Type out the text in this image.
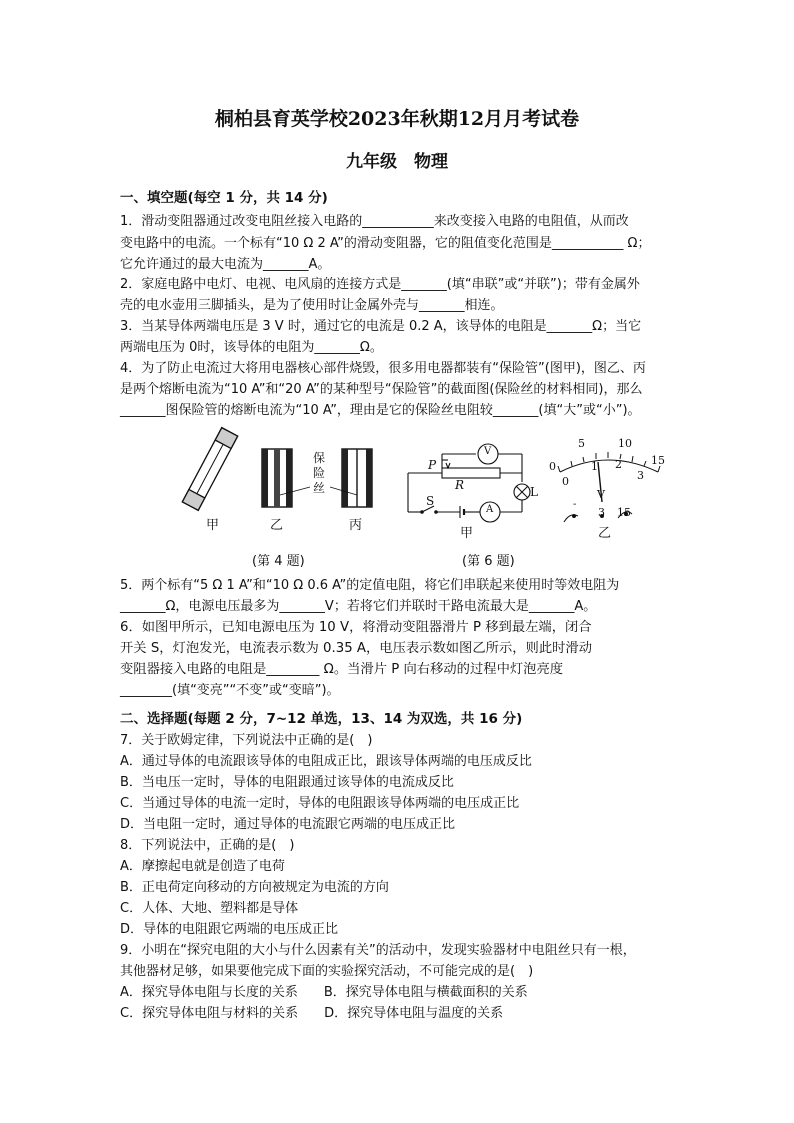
桐柏县育英学校2023年秋期12月月考试卷
九年级　物理
一、填空题(每空 1 分，共 14 分)
1．滑动变阻器通过改变电阻丝接入电路的___________来改变接入电路的电阻值，从而改
变电路中的电流。一个标有“10 Ω 2 A”的滑动变阻器，它的阻值变化范围是___________ Ω；
它允许通过的最大电流为_______A。
2．家庭电路中电灯、电视、电风扇的连接方式是_______(填“串联”或“并联”)；带有金属外
壳的电水壶用三脚插头，是为了使用时让金属外壳与_______相连。
3．当某导体两端电压是 3 V 时，通过它的电流是 0.2 A，该导体的电阻是_______Ω；当它
两端电压为 0时，该导体的电阻为_______Ω。
4．为了防止电流过大将用电器核心部件烧毁，很多用电器都装有“保险管”(图甲)，图乙、丙
是两个熔断电流为“10 A”和“20 A”的某种型号“保险管”的截面图(保险丝的材料相同)，那么
_______图保险管的熔断电流为“10 A”，理由是它的保险丝电阻较_______(填“大”或“小”)。
保险丝
甲	乙	丙
(第 4 题)
P
R
V
L
S
A
甲
5	10
15
0
0
1 2
3
V
-
3 15
乙
(第 6 题)
5．两个标有“5 Ω 1 A”和“10 Ω 0.6 A”的定值电阻，将它们串联起来使用时等效电阻为
_______Ω，电源电压最多为_______V；若将它们并联时干路电流最大是_______A。
6．如图甲所示，已知电源电压为 10 V，将滑动变阻器滑片 P 移到最左端，闭合
开关 S，灯泡发光，电流表示数为 0.35 A，电压表示数如图乙所示，则此时滑动
变阻器接入电路的电阻是________ Ω。当滑片 P 向右移动的过程中灯泡亮度
________(填“变亮”“不变”或“变暗”)。
二、选择题(每题 2 分，7~12 单选，13、14 为双选，共 16 分)
7．关于欧姆定律，下列说法中正确的是(　)
A．通过导体的电流跟该导体的电阻成正比，跟该导体两端的电压成反比
B．当电压一定时，导体的电阻跟通过该导体的电流成反比
C．当通过导体的电流一定时，导体的电阻跟该导体两端的电压成正比
D．当电阻一定时，通过导体的电流跟它两端的电压成正比
8．下列说法中，正确的是(　)
A．摩擦起电就是创造了电荷
B．正电荷定向移动的方向被规定为电流的方向
C．人体、大地、塑料都是导体
D．导体的电阻跟它两端的电压成正比
9．小明在“探究电阻的大小与什么因素有关”的活动中，发现实验器材中电阻丝只有一根，
其他器材足够，如果要他完成下面的实验探究活动，不可能完成的是(　)
A．探究导体电阻与长度的关系　　B．探究导体电阻与横截面积的关系
C．探究导体电阻与材料的关系　　D．探究导体电阻与温度的关系
